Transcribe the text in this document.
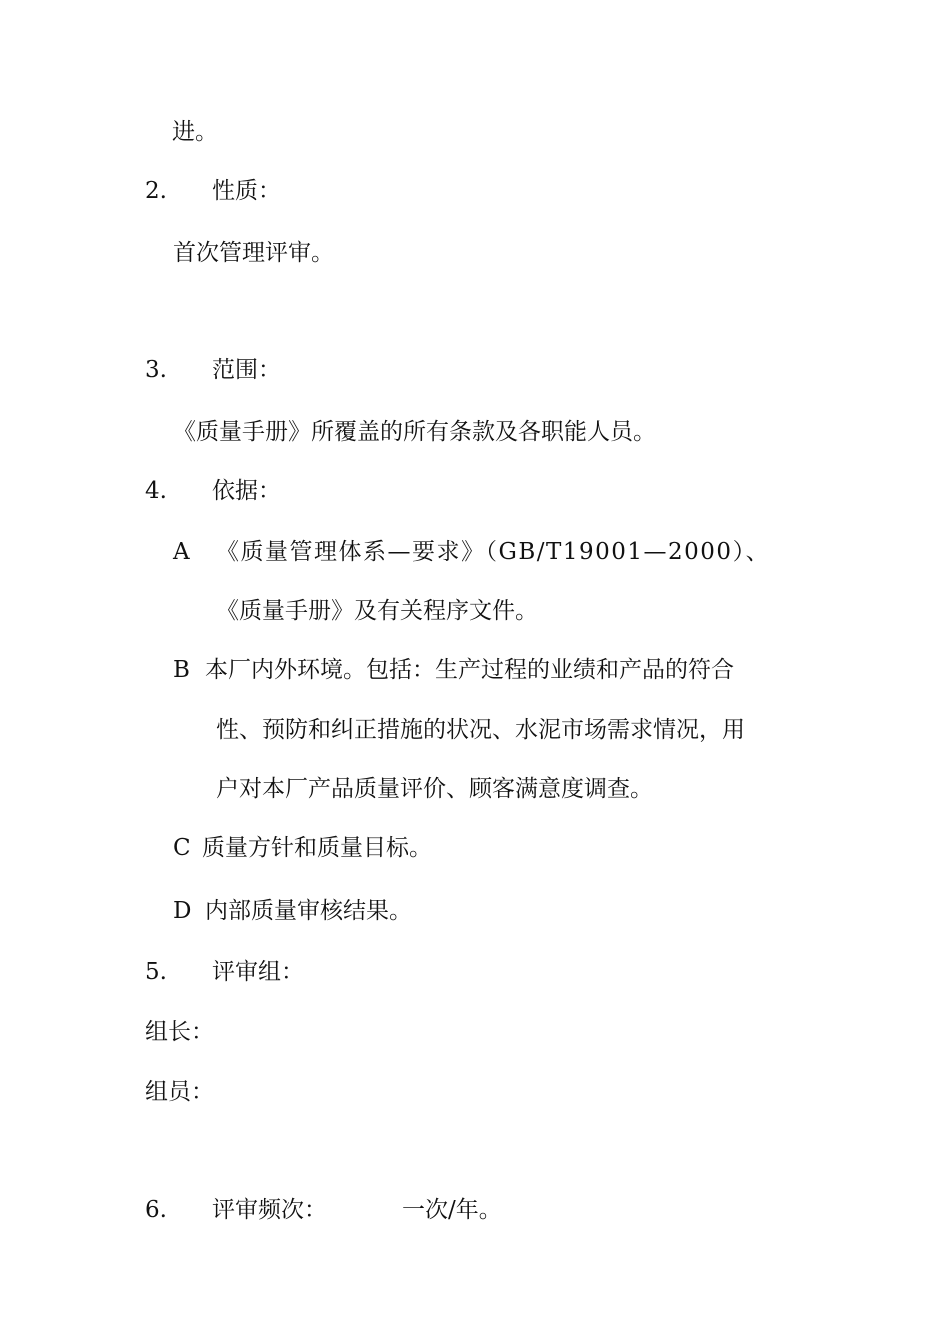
进。
2. 性质：
首次管理评审。
3. 范围：
《质量手册》所覆盖的所有条款及各职能人员。
4. 依据：
A 《质量管理体系—要求》（GB/T19001—2000）、
《质量手册》及有关程序文件。
B 本厂内外环境。包括：生产过程的业绩和产品的符合
性、预防和纠正措施的状况、水泥市场需求情况，用
户对本厂产品质量评价、顾客满意度调查。
C 质量方针和质量目标。
D 内部质量审核结果。
5. 评审组：
组长：
组员：
6. 评审频次：	一次/年。
